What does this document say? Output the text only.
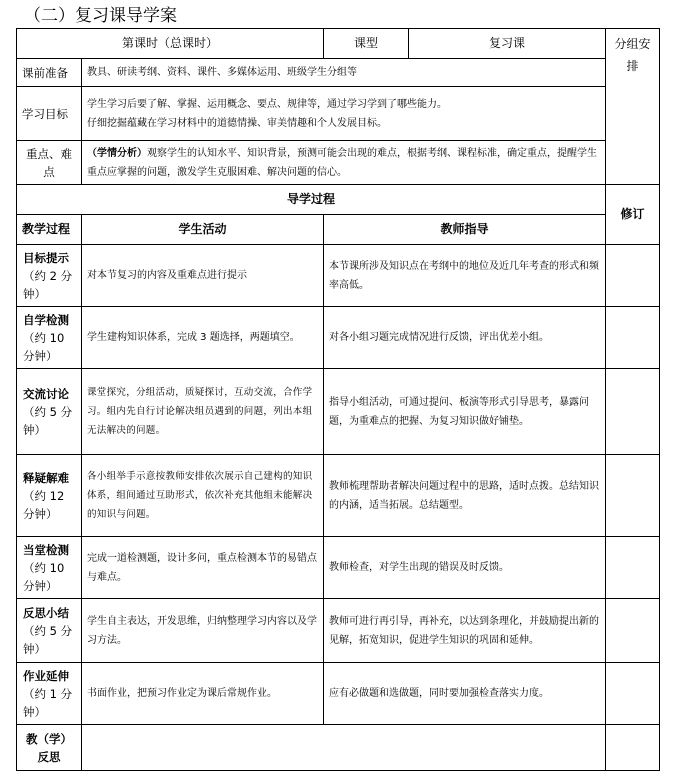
（二）复习课导学案
第课时（总课时）		课型	复习课	分组安排
课前准备	教具、研读考纲、资料、课件、多媒体运用、班级学生分组等			
学习目标	学生学习后要了解、掌握、运用概念、要点、规律等，通过学习学到了哪些能力。
仔细挖掘蕴藏在学习材料中的道德情操、审美情趣和个人发展目标。			

重点、难点	（学情分析）观察学生的认知水平、知识背景，预测可能会出现的难点，根据考纲、课程标准，确定重点，提醒学生重点应掌握的问题，激发学生克服困难、解决问题的信心。			
导学过程				修订
教学过程	学生活动	教师指导		
目标提示（约 2 分钟）	对本节复习的内容及重难点进行提示	本节课所涉及知识点在考纲中的地位及近几年考查的形式和频率高低。		
自学检测（约 10 分钟）	学生建构知识体系，完成 3 题选择，两题填空。	对各小组习题完成情况进行反馈，评出优差小组。		
交流讨论（约 5 分钟）	课堂探究，分组活动，质疑探讨，互动交流，合作学习。组内先自行讨论解决组员遇到的问题，列出本组无法解决的问题。	指导小组活动，可通过提问、板演等形式引导思考，暴露问题，为重难点的把握、为复习知识做好铺垫。		
释疑解难（约 12 分钟）	各小组举手示意按教师安排依次展示自己建构的知识体系，组间通过互助形式，依次补充其他组未能解决的知识与问题。	教师梳理帮助者解决问题过程中的思路，适时点拨。总结知识的内涵，适当拓展。总结题型。		
当堂检测（约 10 分钟）	完成一道检测题，设计多问，重点检测本节的易错点与难点。	教师检查，对学生出现的错误及时反馈。		
反思小结（约 5 分钟）	学生自主表达，开发思维，归纳整理学习内容以及学习方法。	教师可进行再引导，再补充，以达到条理化，并鼓励提出新的见解，拓宽知识，促进学生知识的巩固和延伸。		
作业延伸（约 1 分钟）	书面作业，把预习作业定为课后常规作业。	应有必做题和选做题，同时要加强检查落实力度。		
教（学）反思				
